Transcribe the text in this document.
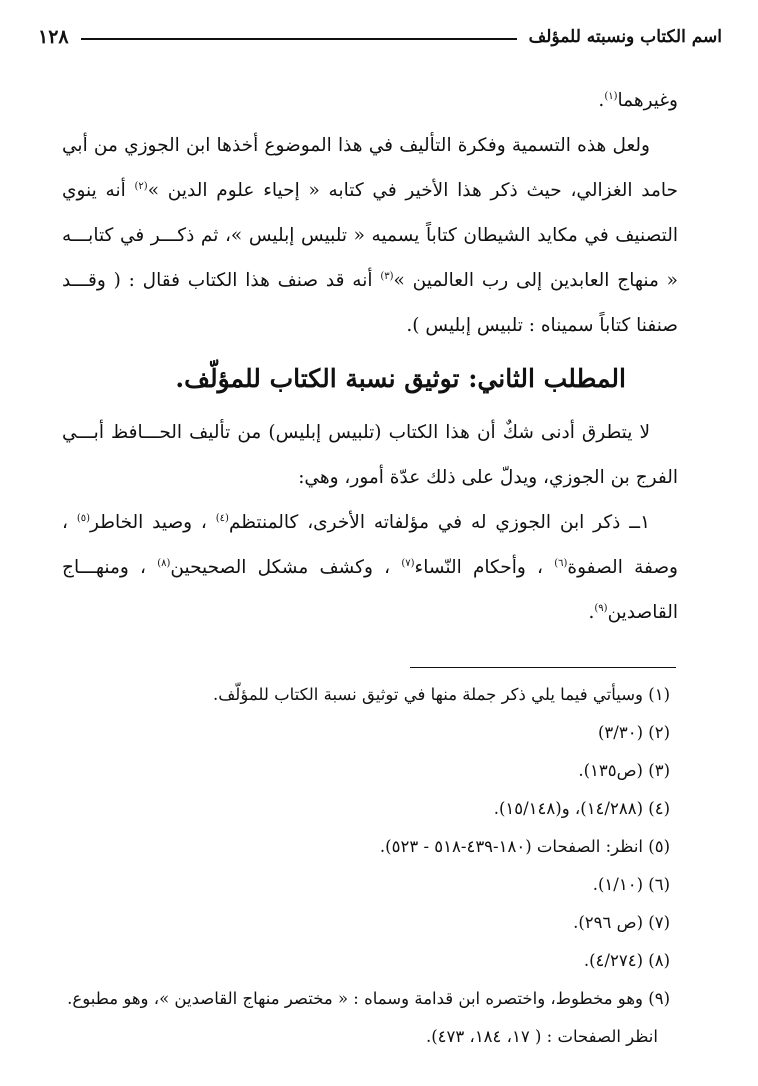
اسم الكتاب ونسبته للمؤلف
١٢٨
وغيرهما$^{(١)}$.
ولعل هذه التسمية وفكرة التأليف في هذا الموضوع أخذها ابن الجوزي من أبي
حامد الغزالي، حيث ذكر هذا الأخير في كتابه « إحياء علوم الدين »$^{(٢)}$ أنه ينوي
التصنيف في مكايد الشيطان كتاباً يسميه « تلبيس إبليس »، ثم ذكـــر في كتابـــه
« منهاج العابدين إلى رب العالمين »$^{(٣)}$ أنه قد صنف هذا الكتاب فقال : ( وقـــد
صنفنا كتاباً سميناه : تلبيس إبليس ).
المطلب الثاني: توثيق نسبة الكتاب للمؤلّف.
لا يتطرق أدنى شكٌ أن هذا الكتاب (تلبيس إبليس) من تأليف الحـــافظ أبـــي
الفرج بن الجوزي، ويدلّ على ذلك عدّة أمور، وهي:
١ــ ذكر ابن الجوزي له في مؤلفاته الأخرى، كالمنتظم$^{(٤)}$ ، وصيد الخاطر$^{(٥)}$ ،
وصفة الصفوة$^{(٦)}$ ، وأحكام النّساء$^{(٧)}$ ، وكشف مشكل الصحيحين$^{(٨)}$ ، ومنهـــاج
القاصدين$^{(٩)}$.
(١) وسيأتي فيما يلي ذكر جملة منها في توثيق نسبة الكتاب للمؤلّف.
(٢) (٣/٣٠)
(٣) (ص١٣٥).
(٤) (١٤/٢٨٨)، و(١٥/١٤٨).
(٥) انظر: الصفحات (١٨٠-٤٣٩-٥١٨ - ٥٢٣).
(٦) (١/١٠).
(٧) (ص ٢٩٦).
(٨) (٤/٢٧٤).
(٩) وهو مخطوط، واختصره ابن قدامة وسماه : « مختصر منهاج القاصدين »، وهو مطبوع.
انظر الصفحات : ( ١٧، ١٨٤، ٤٧٣).
